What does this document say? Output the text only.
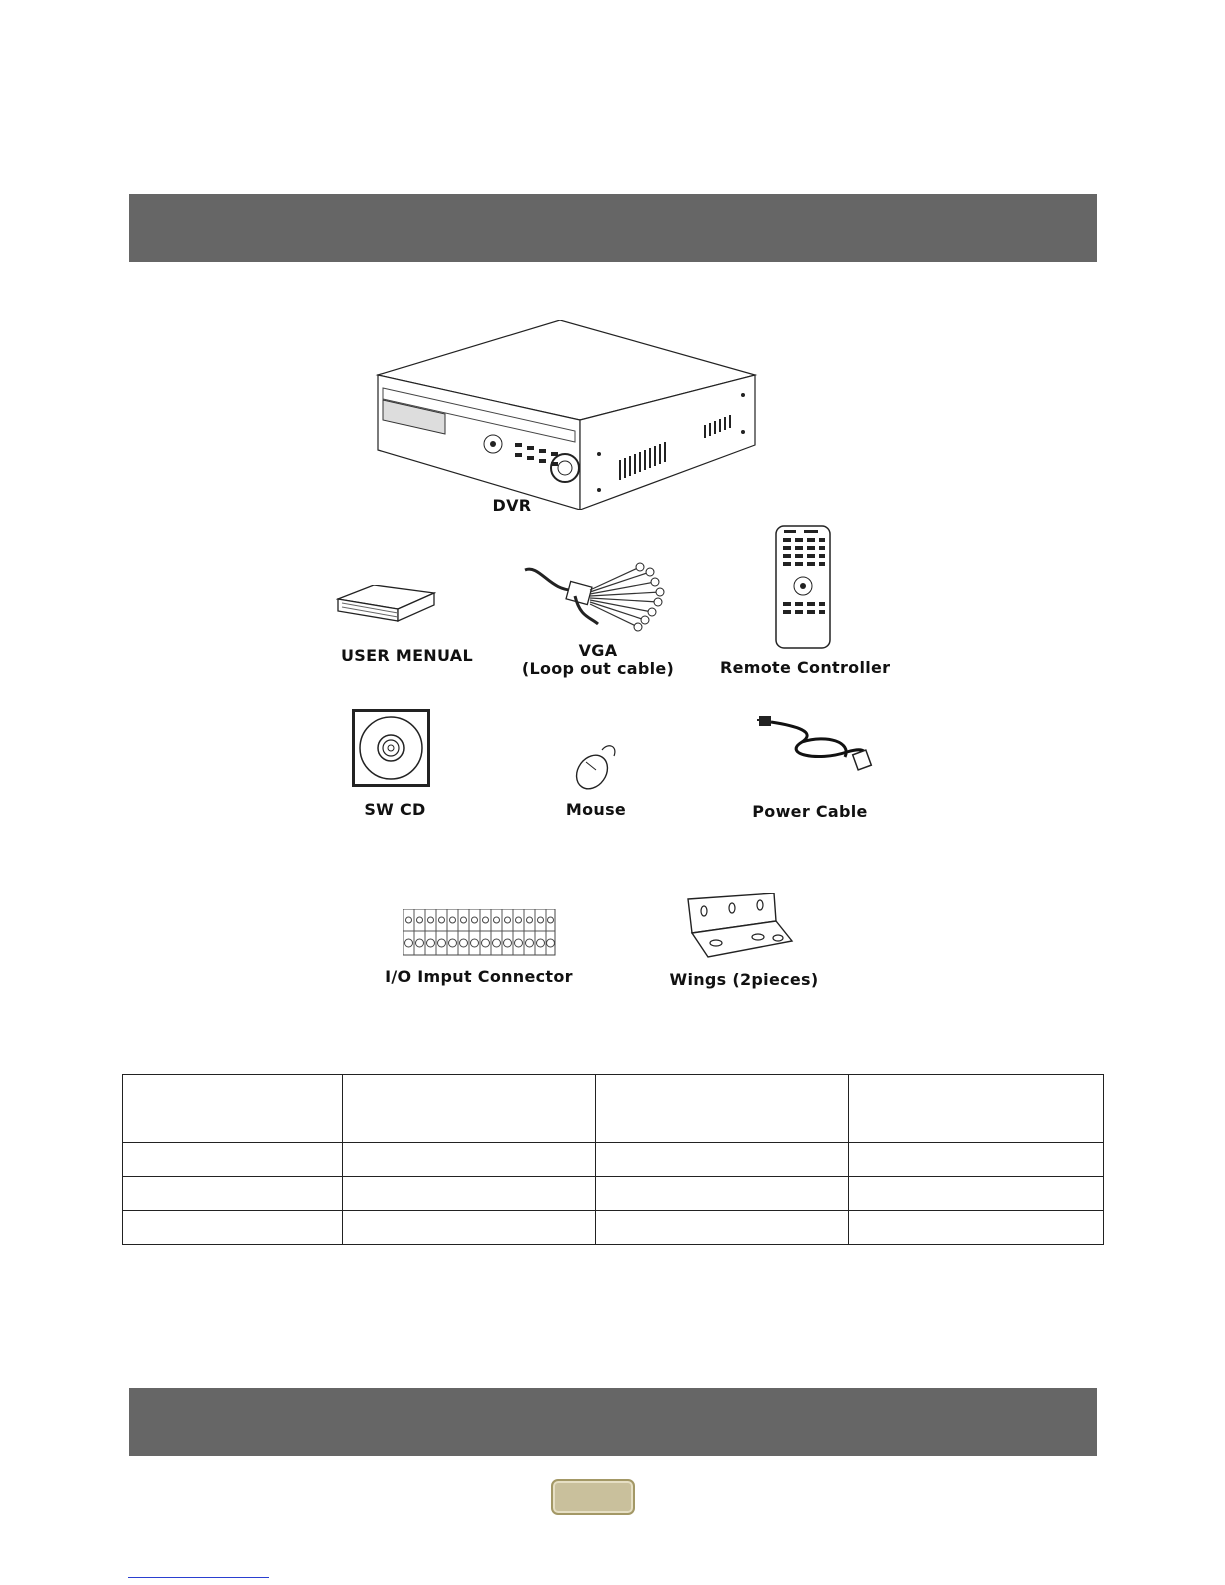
DVR
USER MENUAL	VGA
(Loop out cable)	Remote Controller
SW CD	Mouse	Power Cable
I/O Imput Connector	Wings (2pieces)
